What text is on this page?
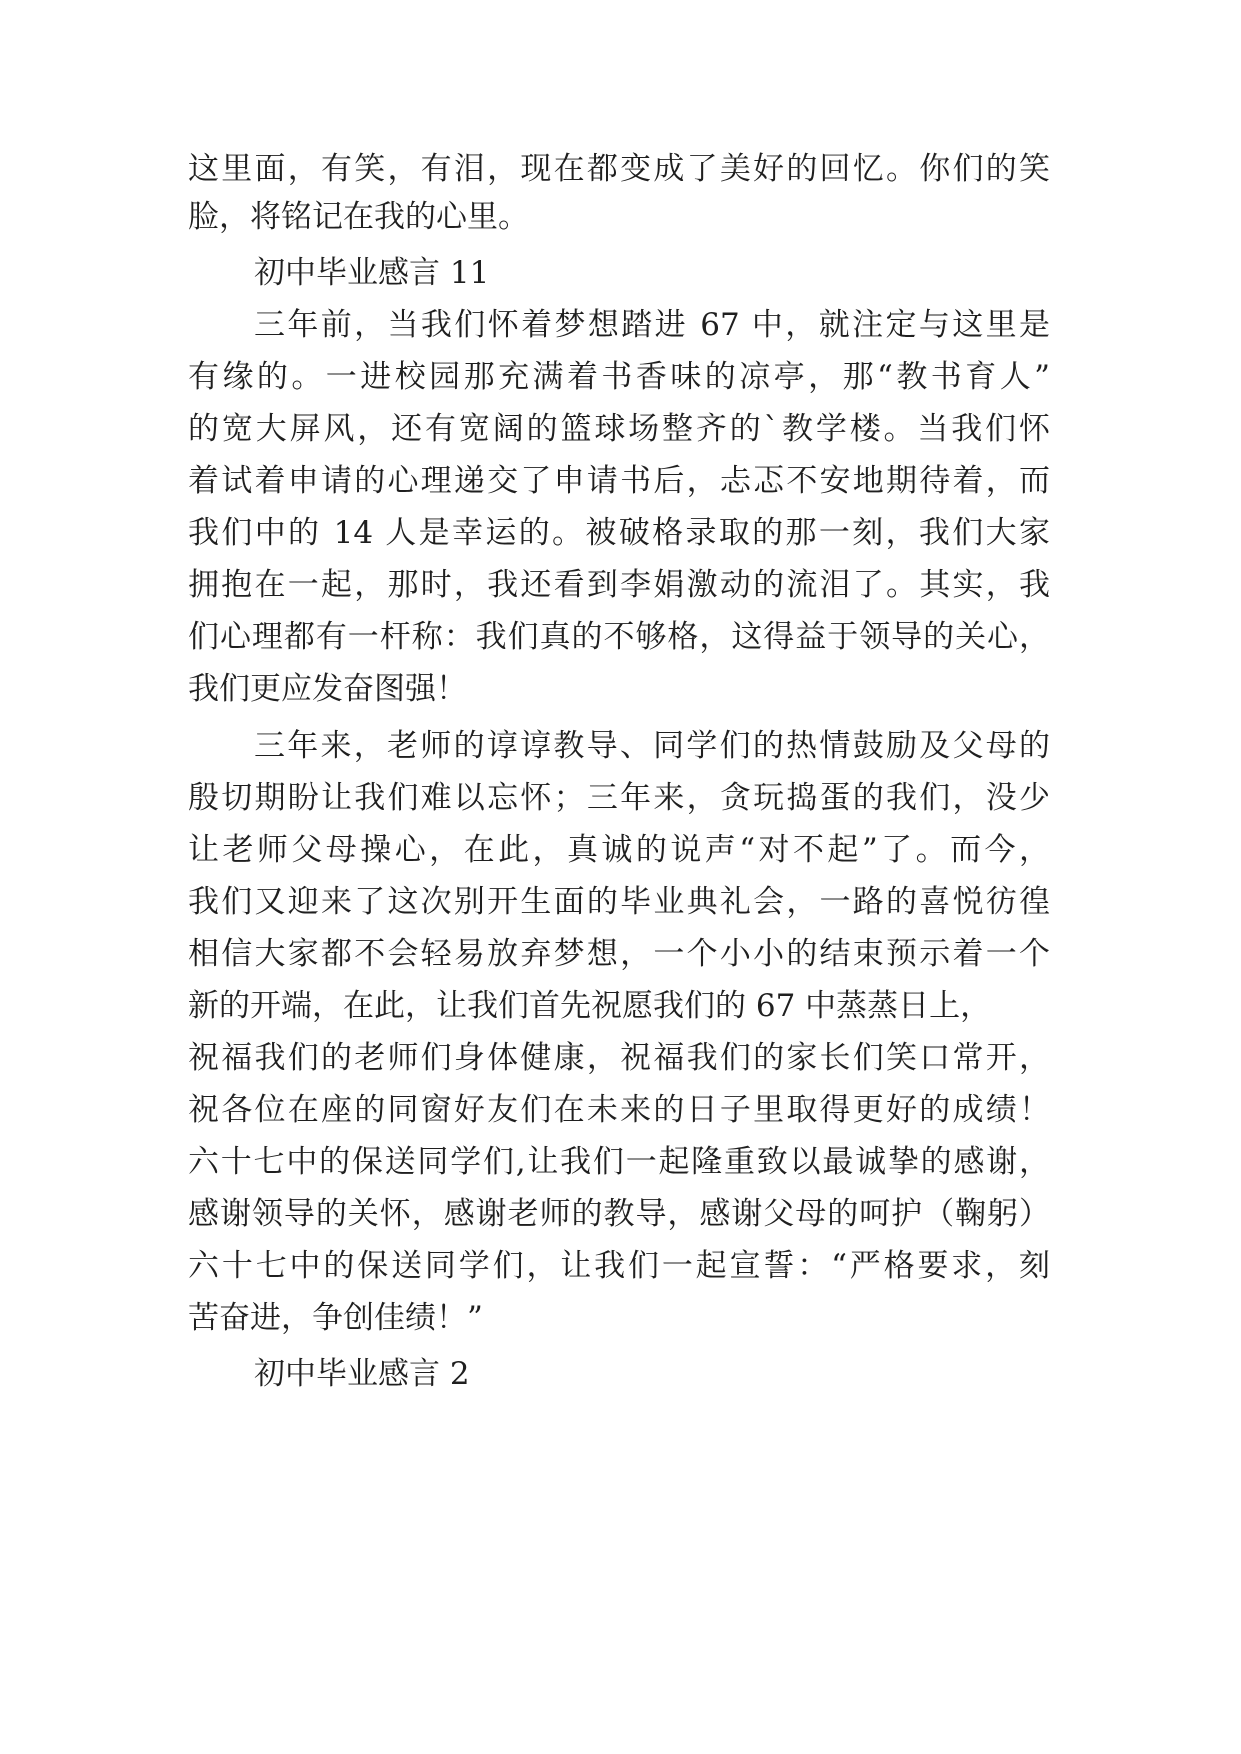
这里面，有笑，有泪，现在都变成了美好的回忆。你们的笑
脸，将铭记在我的心里。
初中毕业感言 11
三年前，当我们怀着梦想踏进 67 中，就注定与这里是
有缘的。一进校园那充满着书香味的凉亭，那“教书育人”
的宽大屏风，还有宽阔的篮球场整齐的`教学楼。当我们怀
着试着申请的心理递交了申请书后，忐忑不安地期待着，而
我们中的 14 人是幸运的。被破格录取的那一刻，我们大家
拥抱在一起，那时，我还看到李娟激动的流泪了。其实，我
们心理都有一杆称：我们真的不够格，这得益于领导的关心，
我们更应发奋图强！
三年来，老师的谆谆教导、同学们的热情鼓励及父母的
殷切期盼让我们难以忘怀；三年来，贪玩捣蛋的我们，没少
让老师父母操心，在此，真诚的说声“对不起”了。而今，
我们又迎来了这次别开生面的毕业典礼会，一路的喜悦彷徨
相信大家都不会轻易放弃梦想，一个小小的结束预示着一个
新的开端，在此，让我们首先祝愿我们的 67 中蒸蒸日上，
祝福我们的老师们身体健康，祝福我们的家长们笑口常开，
祝各位在座的同窗好友们在未来的日子里取得更好的成绩！
六十七中的保送同学们,让我们一起隆重致以最诚挚的感谢，
感谢领导的关怀，感谢老师的教导，感谢父母的呵护（鞠躬）
六十七中的保送同学们，让我们一起宣誓：“严格要求，刻
苦奋进，争创佳绩！”
初中毕业感言 2
